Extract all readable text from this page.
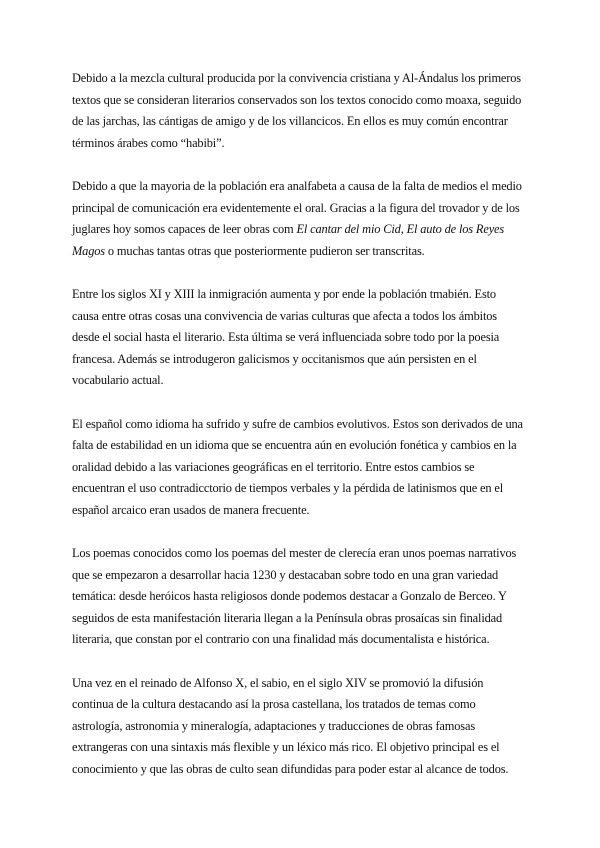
Debido a la mezcla cultural producida por la convivencia cristiana y Al-Ándalus los primeros
textos que se consideran literarios conservados son los textos conocido como moaxa, seguido
de las jarchas, las cántigas de amigo y de los villancicos. En ellos es muy común encontrar
términos árabes como “habibi”.

Debido a que la mayoria de la población era analfabeta a causa de la falta de medios el medio
principal de comunicación era evidentemente el oral. Gracias a la figura del trovador y de los
juglares hoy somos capaces de leer obras com El cantar del mio Cid, El auto de los Reyes
Magos o muchas tantas otras que posteriormente pudieron ser transcritas.

Entre los siglos XI y XIII la inmigración aumenta y por ende la población tmabién. Esto
causa entre otras cosas una convivencia de varias culturas que afecta a todos los ámbitos
desde el social hasta el literario. Esta última se verá influenciada sobre todo por la poesia
francesa. Además se introdugeron galicismos y occitanismos que aún persisten en el
vocabulario actual.

El español como idioma ha sufrido y sufre de cambios evolutivos. Estos son derivados de una
falta de estabilidad en un idioma que se encuentra aún en evolución fonética y cambios en la
oralidad debido a las variaciones geográficas en el territorio. Entre estos cambios se
encuentran el uso contradicctorio de tiempos verbales y la pérdida de latinismos que en el
español arcaico eran usados de manera frecuente.

Los poemas conocidos como los poemas del mester de clerecía eran unos poemas narrativos
que se empezaron a desarrollar hacia 1230 y destacaban sobre todo en una gran variedad
temática: desde heróicos hasta religiosos donde podemos destacar a Gonzalo de Berceo. Y
seguidos de esta manifestación literaria llegan a la Península obras prosaícas sin finalidad
literaria, que constan por el contrario con una finalidad más documentalista e histórica.

Una vez en el reinado de Alfonso X, el sabio, en el siglo XIV se promovió la difusión
continua de la cultura destacando así la prosa castellana, los tratados de temas como
astrología, astronomia y mineralogía, adaptaciones y traducciones de obras famosas
extrangeras con una sintaxis más flexible y un léxico más rico. El objetivo principal es el
conocimiento y que las obras de culto sean difundidas para poder estar al alcance de todos.
